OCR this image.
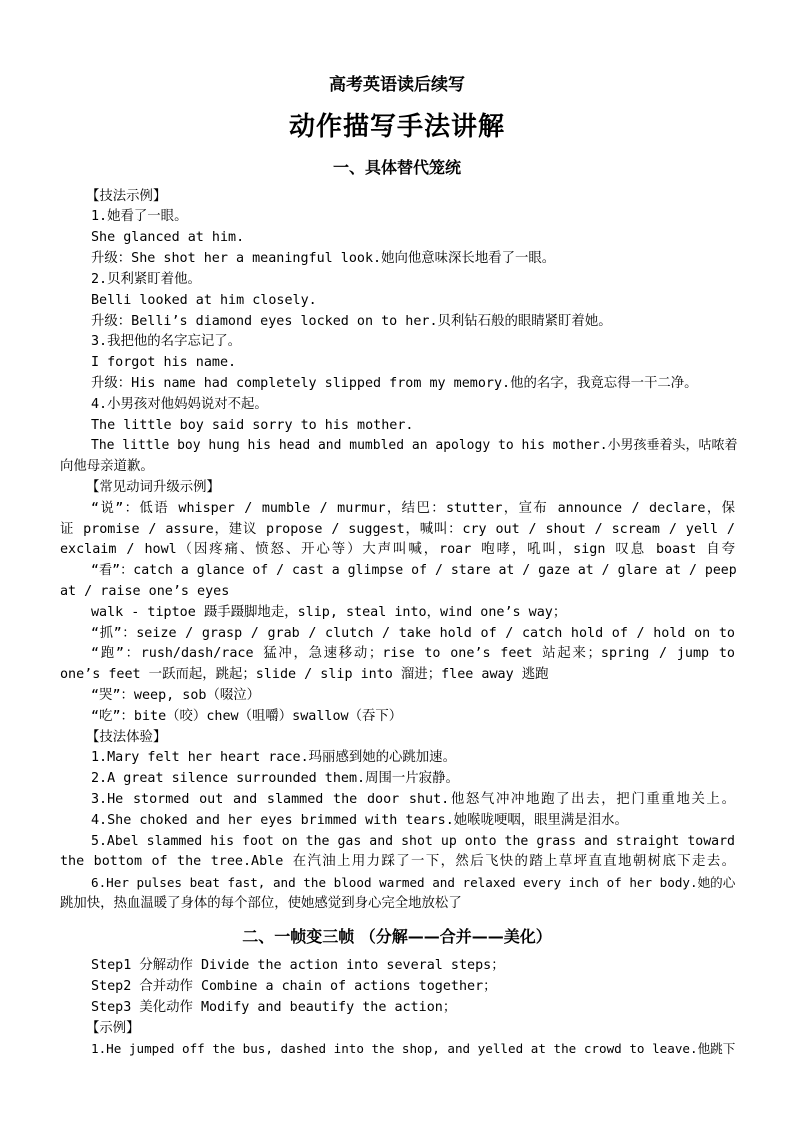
高考英语读后续写
动作描写手法讲解
一、具体替代笼统
【技法示例】
1.她看了一眼。
She glanced at him.
升级：She shot her a meaningful look.她向他意味深长地看了一眼。
2.贝利紧盯着他。
Belli looked at him closely.
升级：Belli’s diamond eyes locked on to her.贝利钻石般的眼睛紧盯着她。
3.我把他的名字忘记了。
I forgot his name.
升级：His name had completely slipped from my memory.他的名字，我竟忘得一干二净。
4.小男孩对他妈妈说对不起。
The little boy said sorry to his mother.
The little boy hung his head and mumbled an apology to his mother.小男孩垂着头，咕哝着
向他母亲道歉。
【常见动词升级示例】
“说”：低语 whisper / mumble / murmur，结巴：stutter，宣布 announce / declare，保
证 promise / assure，建议 propose / suggest，喊叫：cry out / shout / scream / yell /
exclaim / howl（因疼痛、愤怒、开心等）大声叫喊，roar 咆哮，吼叫，sign 叹息 boast 自夸
“看”：catch a glance of / cast a glimpse of / stare at / gaze at / glare at / peep
at / raise one’s eyes
walk - tiptoe 蹑手蹑脚地走，slip, steal into，wind one’s way；
“抓”：seize / grasp / grab / clutch / take hold of / catch hold of / hold on to
“跑”：rush/dash/race 猛冲，急速移动；rise to one’s feet 站起来；spring / jump to
one’s feet 一跃而起，跳起；slide / slip into 溜进；flee away 逃跑
“哭”：weep, sob（啜泣）
“吃”：bite（咬）chew（咀嚼）swallow（吞下）
【技法体验】
1.Mary felt her heart race.玛丽感到她的心跳加速。
2.A great silence surrounded them.周围一片寂静。
3.He stormed out and slammed the door shut.他怒气冲冲地跑了出去，把门重重地关上。
4.She choked and her eyes brimmed with tears.她喉咙哽咽，眼里满是泪水。
5.Abel slammed his foot on the gas and shot up onto the grass and straight toward
the bottom of the tree.Able 在汽油上用力踩了一下，然后飞快的踏上草坪直直地朝树底下走去。
6.Her pulses beat fast, and the blood warmed and relaxed every inch of her body.她的心
跳加快，热血温暖了身体的每个部位，使她感觉到身心完全地放松了
二、一帧变三帧 （分解——合并——美化）
Step1 分解动作 Divide the action into several steps；
Step2 合并动作 Combine a chain of actions together；
Step3 美化动作 Modify and beautify the action；
【示例】
1.He jumped off the bus, dashed into the shop, and yelled at the crowd to leave.他跳下
